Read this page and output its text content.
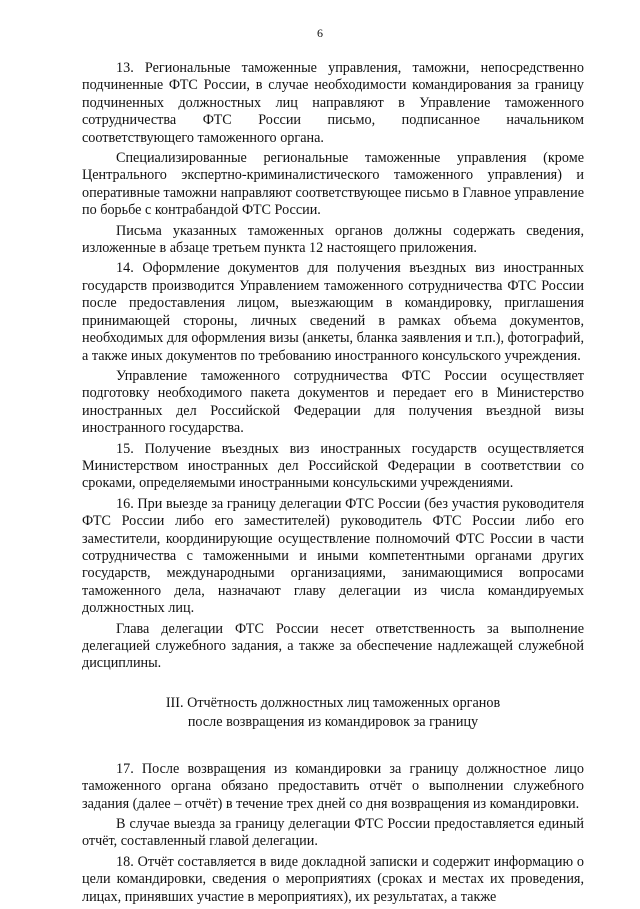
6

13. Региональные таможенные управления, таможни, непосредственно подчиненные ФТС России, в случае необходимости командирования за границу подчиненных должностных лиц направляют в Управление таможенного сотрудничества ФТС России письмо, подписанное начальником соответствующего таможенного органа.

Специализированные региональные таможенные управления (кроме Центрального экспертно-криминалистического таможенного управления) и оперативные таможни направляют соответствующее письмо в Главное управление по борьбе с контрабандой ФТС России.

Письма указанных таможенных органов должны содержать сведения, изложенные в абзаце третьем пункта 12 настоящего приложения.

14. Оформление документов для получения въездных виз иностранных государств производится Управлением таможенного сотрудничества ФТС России после предоставления лицом, выезжающим в командировку, приглашения принимающей стороны, личных сведений в рамках объема документов, необходимых для оформления визы (анкеты, бланка заявления и т.п.), фотографий, а также иных документов по требованию иностранного консульского учреждения.

Управление таможенного сотрудничества ФТС России осуществляет подготовку необходимого пакета документов и передает его в Министерство иностранных дел Российской Федерации для получения въездной визы иностранного государства.

15. Получение въездных виз иностранных государств осуществляется Министерством иностранных дел Российской Федерации в соответствии со сроками, определяемыми иностранными консульскими учреждениями.

16. При выезде за границу делегации ФТС России (без участия руководителя ФТС России либо его заместителей) руководитель ФТС России либо его заместители, координирующие осуществление полномочий ФТС России в части сотрудничества с таможенными и иными компетентными органами других государств, международными организациями, занимающимися вопросами таможенного дела, назначают главу делегации из числа командируемых должностных лиц.

Глава делегации ФТС России несет ответственность за выполнение делегацией служебного задания, а также за обеспечение надлежащей служебной дисциплины.

III. Отчётность должностных лиц таможенных органов
после возвращения из командировок за границу

17. После возвращения из командировки за границу должностное лицо таможенного органа обязано предоставить отчёт о выполнении служебного задания (далее – отчёт) в течение трех дней со дня возвращения из командировки.

В случае выезда за границу делегации ФТС России предоставляется единый отчёт, составленный главой делегации.

18. Отчёт составляется в виде докладной записки и содержит информацию о цели командировки, сведения о мероприятиях (сроках и местах их проведения, лицах, принявших участие в мероприятиях), их результатах, а также
